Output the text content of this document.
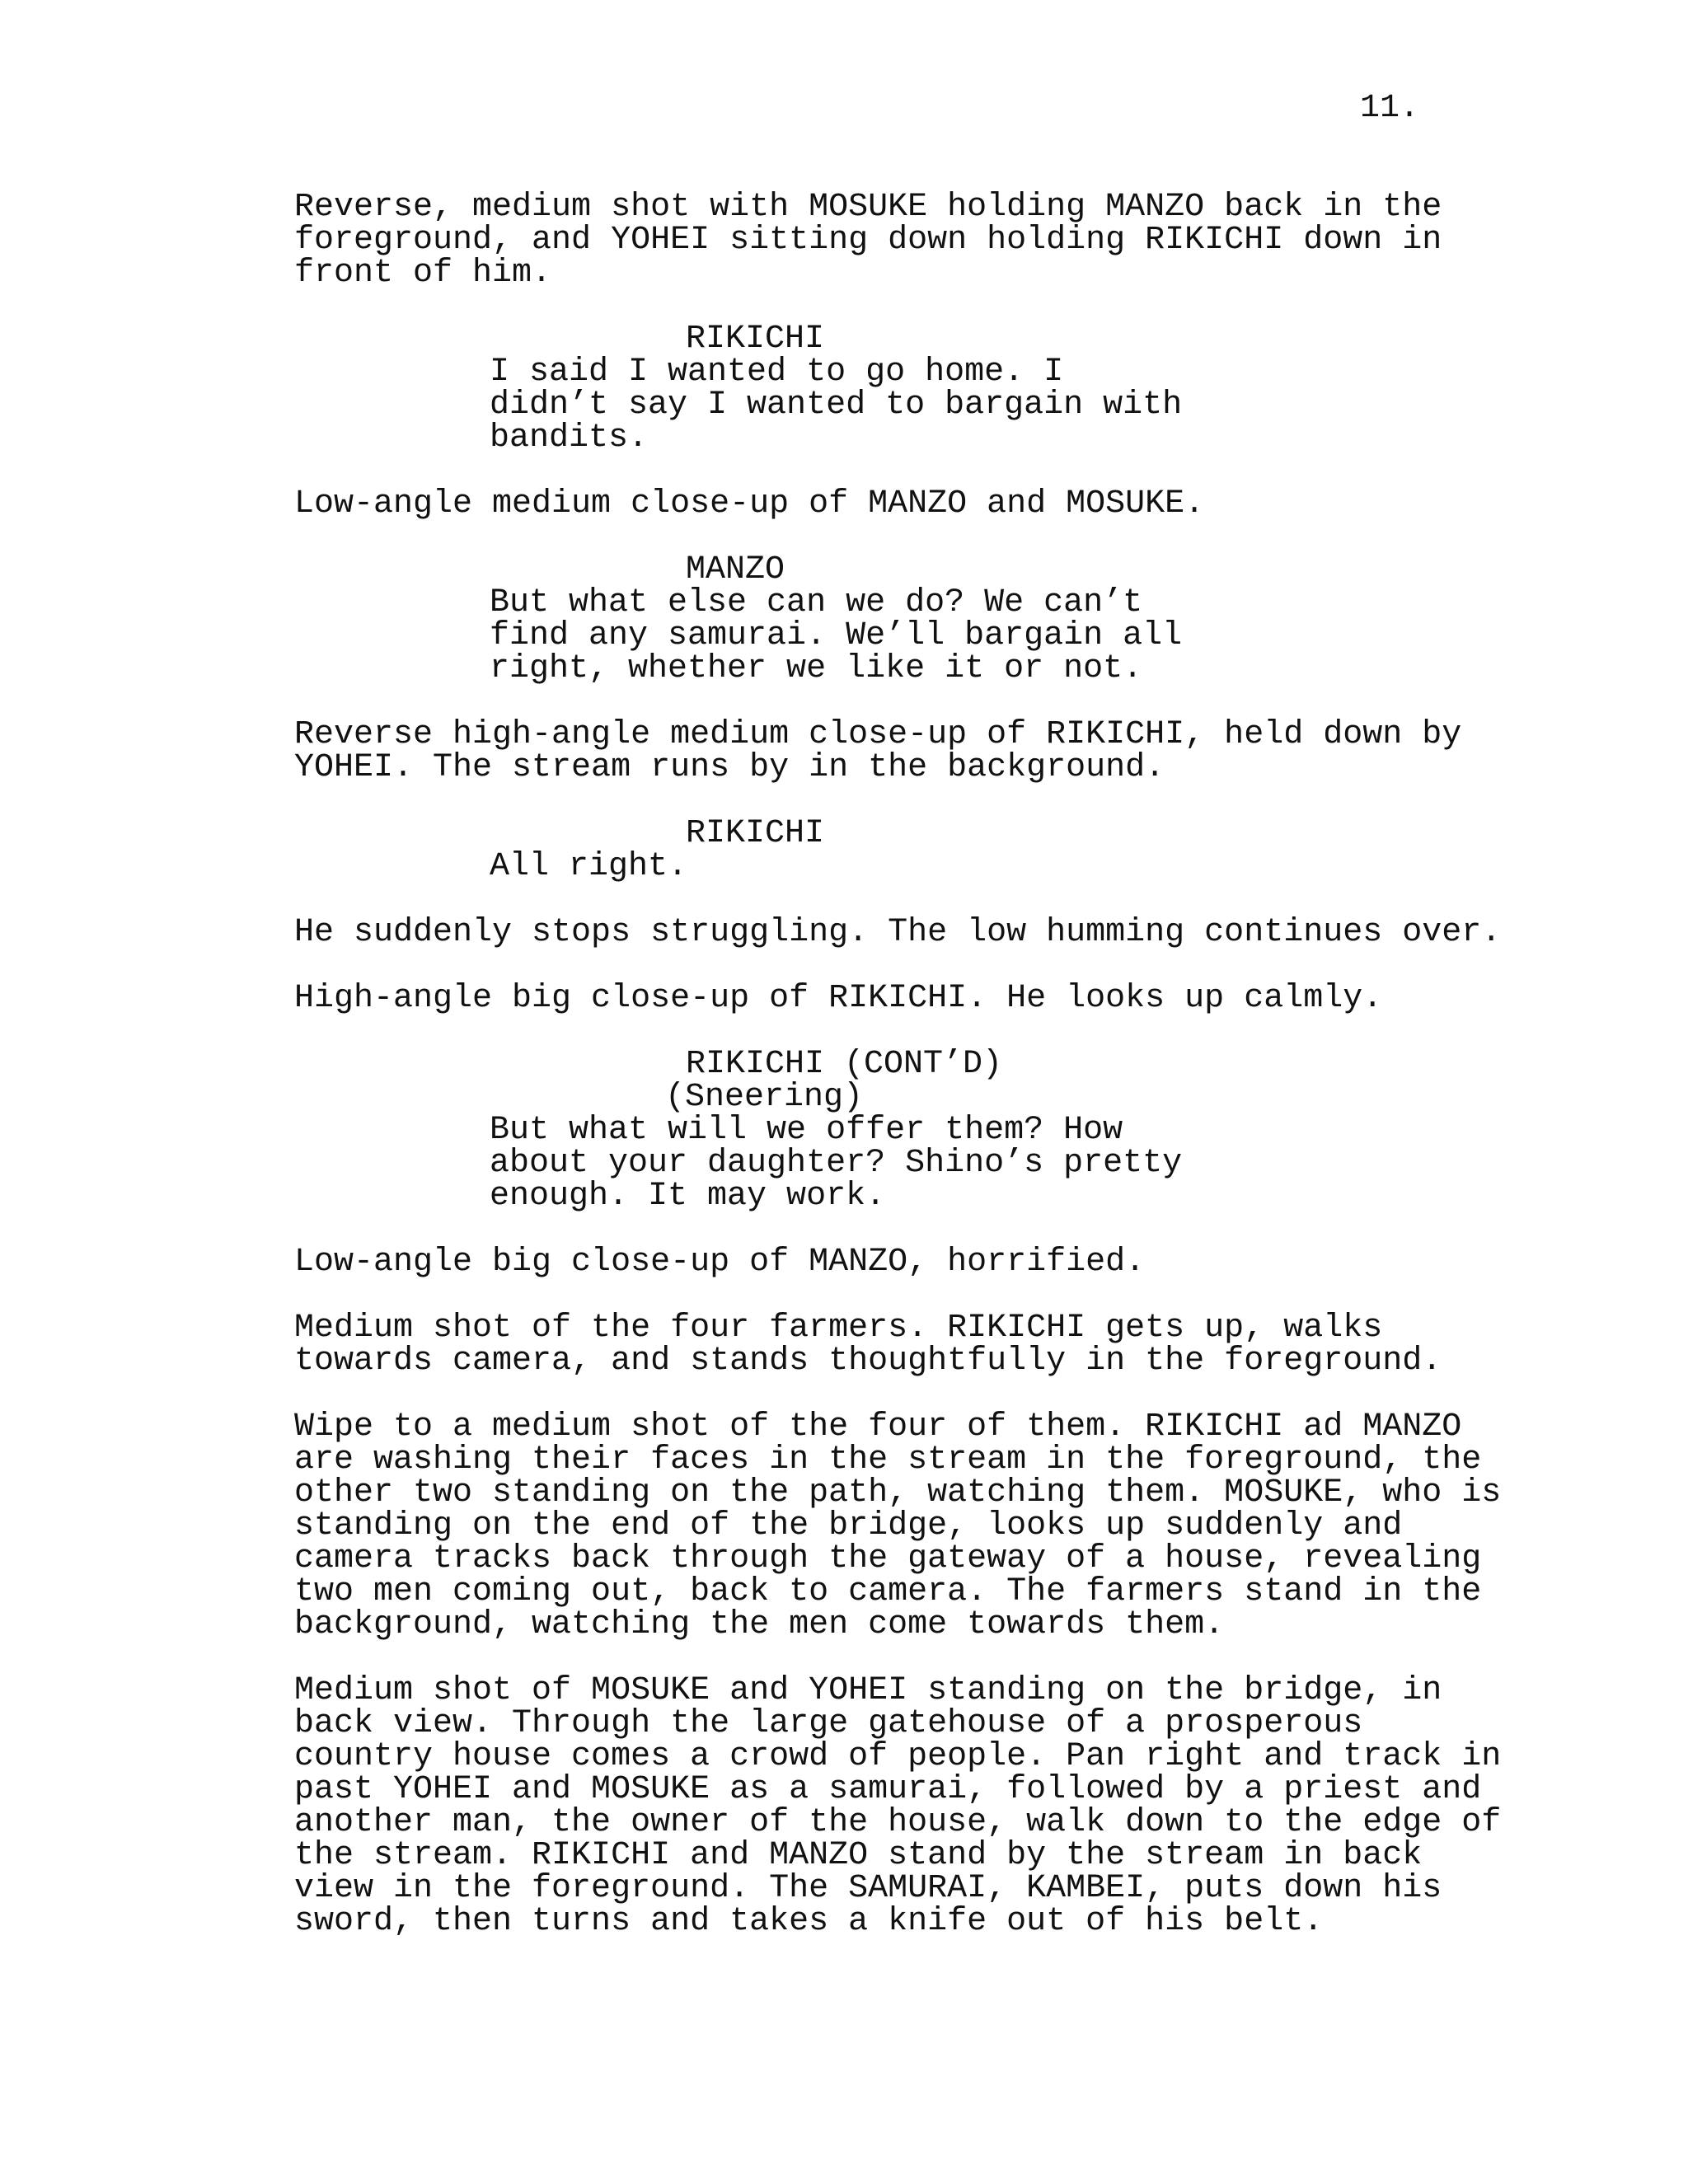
11.
Reverse, medium shot with MOSUKE holding MANZO back in the
foreground, and YOHEI sitting down holding RIKICHI down in
front of him.
RIKICHI
I said I wanted to go home. I
didn’t say I wanted to bargain with
bandits.
Low-angle medium close-up of MANZO and MOSUKE.
MANZO
But what else can we do? We can’t
find any samurai. We’ll bargain all
right, whether we like it or not.
Reverse high-angle medium close-up of RIKICHI, held down by
YOHEI. The stream runs by in the background.
RIKICHI
All right.
He suddenly stops struggling. The low humming continues over.
High-angle big close-up of RIKICHI. He looks up calmly.
RIKICHI (CONT’D)
(Sneering)
But what will we offer them? How
about your daughter? Shino’s pretty
enough. It may work.
Low-angle big close-up of MANZO, horrified.
Medium shot of the four farmers. RIKICHI gets up, walks
towards camera, and stands thoughtfully in the foreground.
Wipe to a medium shot of the four of them. RIKICHI ad MANZO
are washing their faces in the stream in the foreground, the
other two standing on the path, watching them. MOSUKE, who is
standing on the end of the bridge, looks up suddenly and
camera tracks back through the gateway of a house, revealing
two men coming out, back to camera. The farmers stand in the
background, watching the men come towards them.
Medium shot of MOSUKE and YOHEI standing on the bridge, in
back view. Through the large gatehouse of a prosperous
country house comes a crowd of people. Pan right and track in
past YOHEI and MOSUKE as a samurai, followed by a priest and
another man, the owner of the house, walk down to the edge of
the stream. RIKICHI and MANZO stand by the stream in back
view in the foreground. The SAMURAI, KAMBEI, puts down his
sword, then turns and takes a knife out of his belt.
